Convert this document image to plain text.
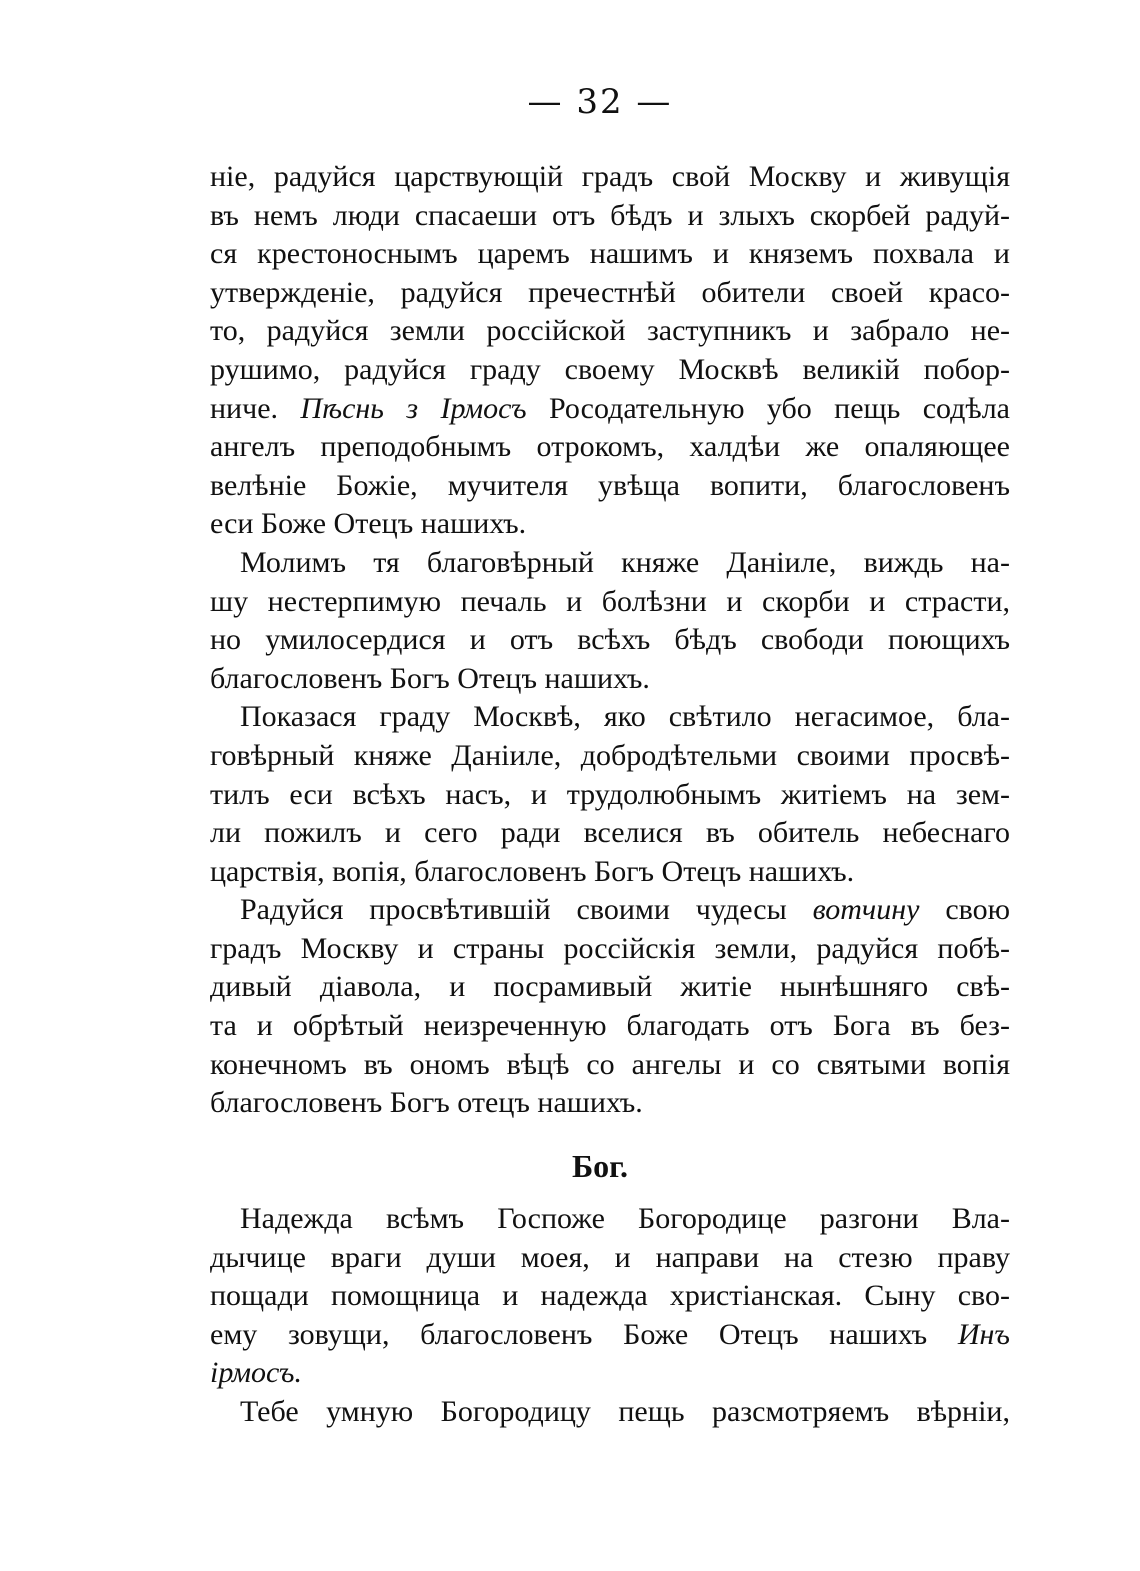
— 32 —
ніе, радуйся царствующій градъ свой Москву и живущія
въ немъ люди спасаеши отъ бѣдъ и злыхъ скорбей радуй-
ся крестоноснымъ царемъ нашимъ и княземъ похвала и
утвержденіе, радуйся пречестнѣй обители своей красо-
то, радуйся земли россійской заступникъ и забрало не-
рушимо, радуйся граду своему Москвѣ великій побор-
ниче. Пѣснь з Ірмосъ Росодательную убо пещь содѣла
ангелъ преподобнымъ отрокомъ, халдѣи же опаляющее
велѣніе Божіе, мучителя увѣща вопити, благословенъ
еси Боже Отецъ нашихъ.
Молимъ тя благовѣрный княже Даніиле, виждь на-
шу нестерпимую печаль и болѣзни и скорби и страсти,
но умилосердися и отъ всѣхъ бѣдъ свободи поющихъ
благословенъ Богъ Отецъ нашихъ.
Показася граду Москвѣ, яко свѣтило негасимое, бла-
говѣрный княже Даніиле, добродѣтельми своими просвѣ-
тилъ еси всѣхъ насъ, и трудолюбнымъ житіемъ на зем-
ли пожилъ и сего ради вселися въ обитель небеснаго
царствія, вопія, благословенъ Богъ Отецъ нашихъ.
Радуйся просвѣтившій своими чудесы вотчину свою
градъ Москву и страны россійскія земли, радуйся побѣ-
дивый діавола, и посрамивый житіе нынѣшняго свѣ-
та и обрѣтый неизреченную благодать отъ Бога въ без-
конечномъ въ ономъ вѣцѣ со ангелы и со святыми вопія
благословенъ Богъ отецъ нашихъ.
Бог.
Надежда всѣмъ Госпоже Богородице разгони Вла-
дычице враги души моея, и направи на стезю праву
пощади помощница и надежда христіанская. Сыну сво-
ему зовущи, благословенъ Боже Отецъ нашихъ Инъ
ірмосъ.
Тебе умную Богородицу пещь разсмотряемъ вѣрніи,
